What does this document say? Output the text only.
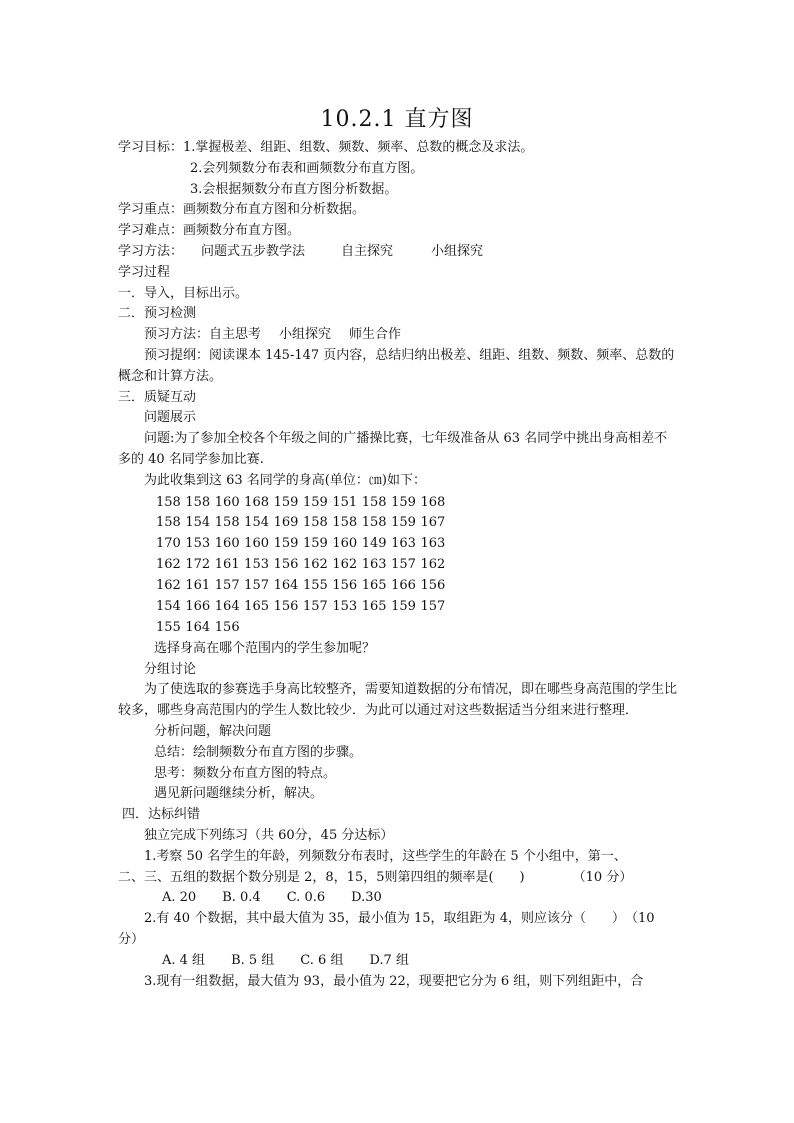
10.2.1 直方图
学习目标：1.掌握极差、组距、组数、频数、频率、总数的概念及求法。
2.会列频数分布表和画频数分布直方图。
3.会根据频数分布直方图分析数据。
学习重点：画频数分布直方图和分析数据。
学习难点：画频数分布直方图。
学习方法： 问题式五步教学法	自主探究	小组探究
学习过程
一．导入，目标出示。
二．预习检测
预习方法：自主思考 小组探究 师生合作
预习提纲：阅读课本 145-147 页内容，总结归纳出极差、组距、组数、频数、频率、总数的概念和计算方法。
三．质疑互动
问题展示
问题:为了参加全校各个年级之间的广播操比赛，七年级准备从 63 名同学中挑出身高相差不多的 40 名同学参加比赛.
为此收集到这 63 名同学的身高(单位：㎝)如下：
158 158 160 168 159 159 151 158 159 168
158 154 158 154 169 158 158 158 159 167
170 153 160 160 159 159 160 149 163 163
162 172 161 153 156 162 162 163 157 162
162 161 157 157 164 155 156 165 166 156
154 166 164 165 156 157 153 165 159 157
155 164 156
选择身高在哪个范围内的学生参加呢？
分组讨论
为了使选取的参赛选手身高比较整齐，需要知道数据的分布情况，即在哪些身高范围的学生比较多，哪些身高范围内的学生人数比较少．为此可以通过对这些数据适当分组来进行整理．
分析问题，解决问题
总结：绘制频数分布直方图的步骤。
思考：频数分布直方图的特点。
遇见新问题继续分析，解决。
四．达标纠错
独立完成下列练习（共 60分，45 分达标）
1.考察 50 名学生的年龄，列频数分布表时，这些学生的年龄在 5 个小组中，第一、
二、三、五组的数据个数分别是 2，8，15，5则第四组的频率是(　　)	（10 分）
A. 20 B. 0.4 C. 0.6 D.30
2.有 40 个数据，其中最大值为 35，最小值为 15，取组距为 4，则应该分（　　）　（10
分）
A. 4 组 B. 5 组 C. 6 组 D.7 组
3.现有一组数据，最大值为 93，最小值为 22，现要把它分为 6 组，则下列组距中，合
